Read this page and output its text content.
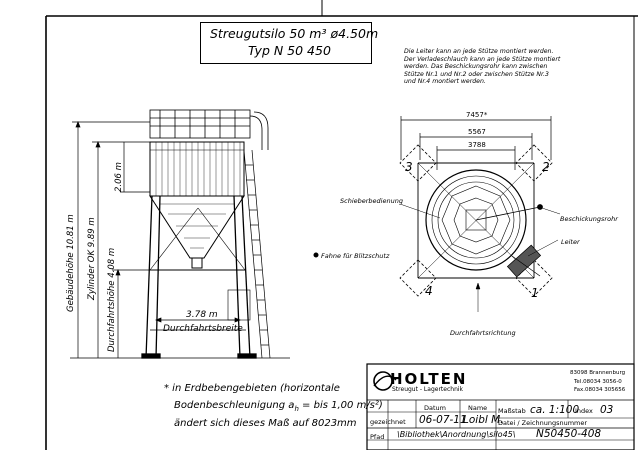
Streugutsilo 50 m³ ø4.50m
Typ N 50 450	Die Leiter kann an jede Stütze montiert werden.
Der Verladeschlauch kann an jede Stütze montiert
werden. Das Beschickungsrohr kann zwischen
Stütze Nr.1 und Nr.2 oder zwischen Stütze Nr.3
und Nr.4 montiert werden.
Gebäudehöhe 10.81 m Zylinder OK 9.89 m
2.06 m
Durchfahrtshöhe 4.08 m	3.78 m
Durchfahrtsbreite
Fahne für Blitzschutz
7457*
5567
3788
3	2
4	1
Schieberbedienung
Beschickungsrohr
Leiter
Durchfahrtsrichtung
* in Erdbebengebieten (horizontale
Bodenbeschleunigung $a_h$ = bis 1,00 m/s²)
ändert sich dieses Maß auf 8023mm
HOLTEN
Streugut - Lagertechnik
83098 Brannenburg
Tel.08034 3056-0
Fax.08034 305656
Datum	Name
gezeichnet 06-07-11
Loibl M.
Maßstab ca. 1:100
Index 03
Datei / Zeichnungsnummer
Pfad \Bibliothek\Anordnung\silo45\ N50450-408
